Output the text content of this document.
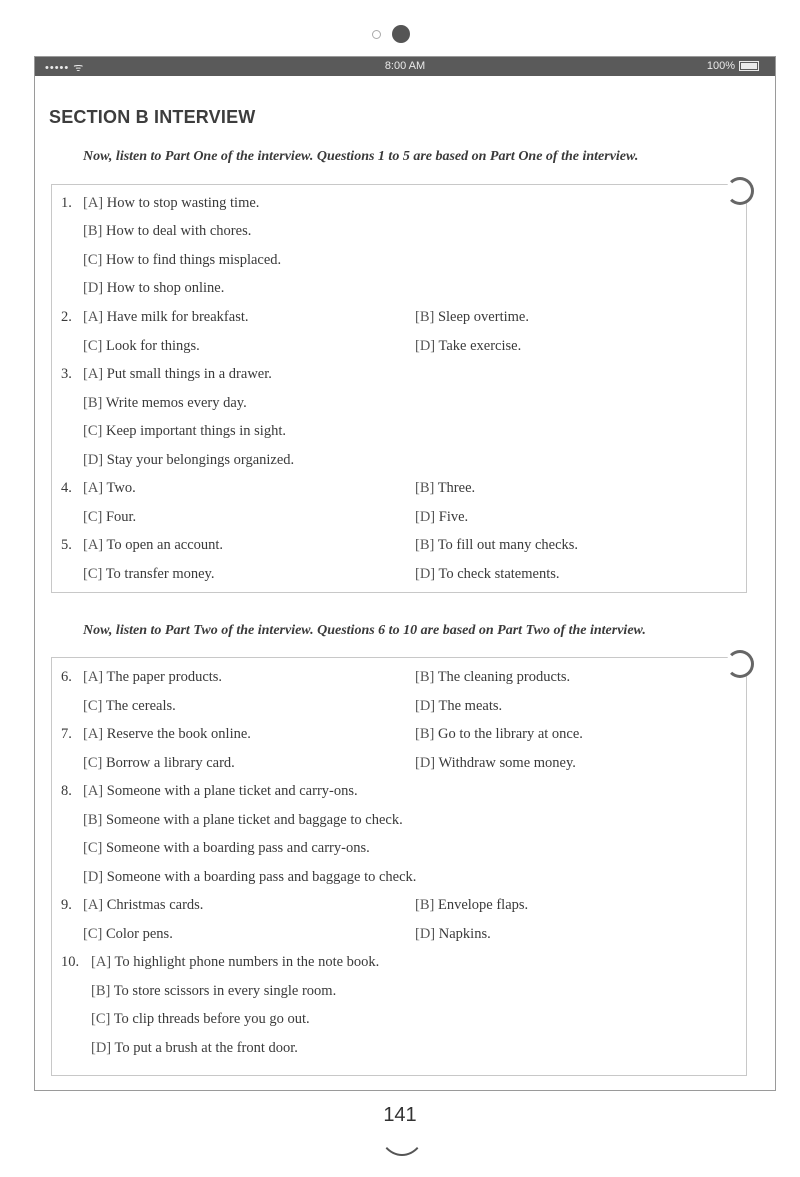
••••• ᯤ	8:00 AM	100%
SECTION B INTERVIEW
Now, listen to Part One of the interview. Questions 1 to 5 are based on Part One of the interview.
Now, listen to Part Two of the interview. Questions 6 to 10 are based on Part Two of the interview.
1. [A] How to stop wasting time.
[B] How to deal with chores.
[C] How to find things misplaced.
[D] How to shop online.
2. [A] Have milk for breakfast.	[B] Sleep overtime.
[C] Look for things.	[D] Take exercise.
3. [A] Put small things in a drawer.
[B] Write memos every day.
[C] Keep important things in sight.
[D] Stay your belongings organized.
4. [A] Two.	[B] Three.
[C] Four.	[D] Five.
5. [A] To open an account.	[B] To fill out many checks.
[C] To transfer money.	[D] To check statements.
6. [A] The paper products.	[B] The cleaning products.
[C] The cereals.	[D] The meats.
7. [A] Reserve the book online.	[B] Go to the library at once.
[C] Borrow a library card.	[D] Withdraw some money.
8. [A] Someone with a plane ticket and carry-ons.
[B] Someone with a plane ticket and baggage to check.
[C] Someone with a boarding pass and carry-ons.
[D] Someone with a boarding pass and baggage to check.
9. [A] Christmas cards.	[B] Envelope flaps.
[C] Color pens.	[D] Napkins.
10. [A] To highlight phone numbers in the note book.
[B] To store scissors in every single room.
[C] To clip threads before you go out.
[D] To put a brush at the front door.
141
